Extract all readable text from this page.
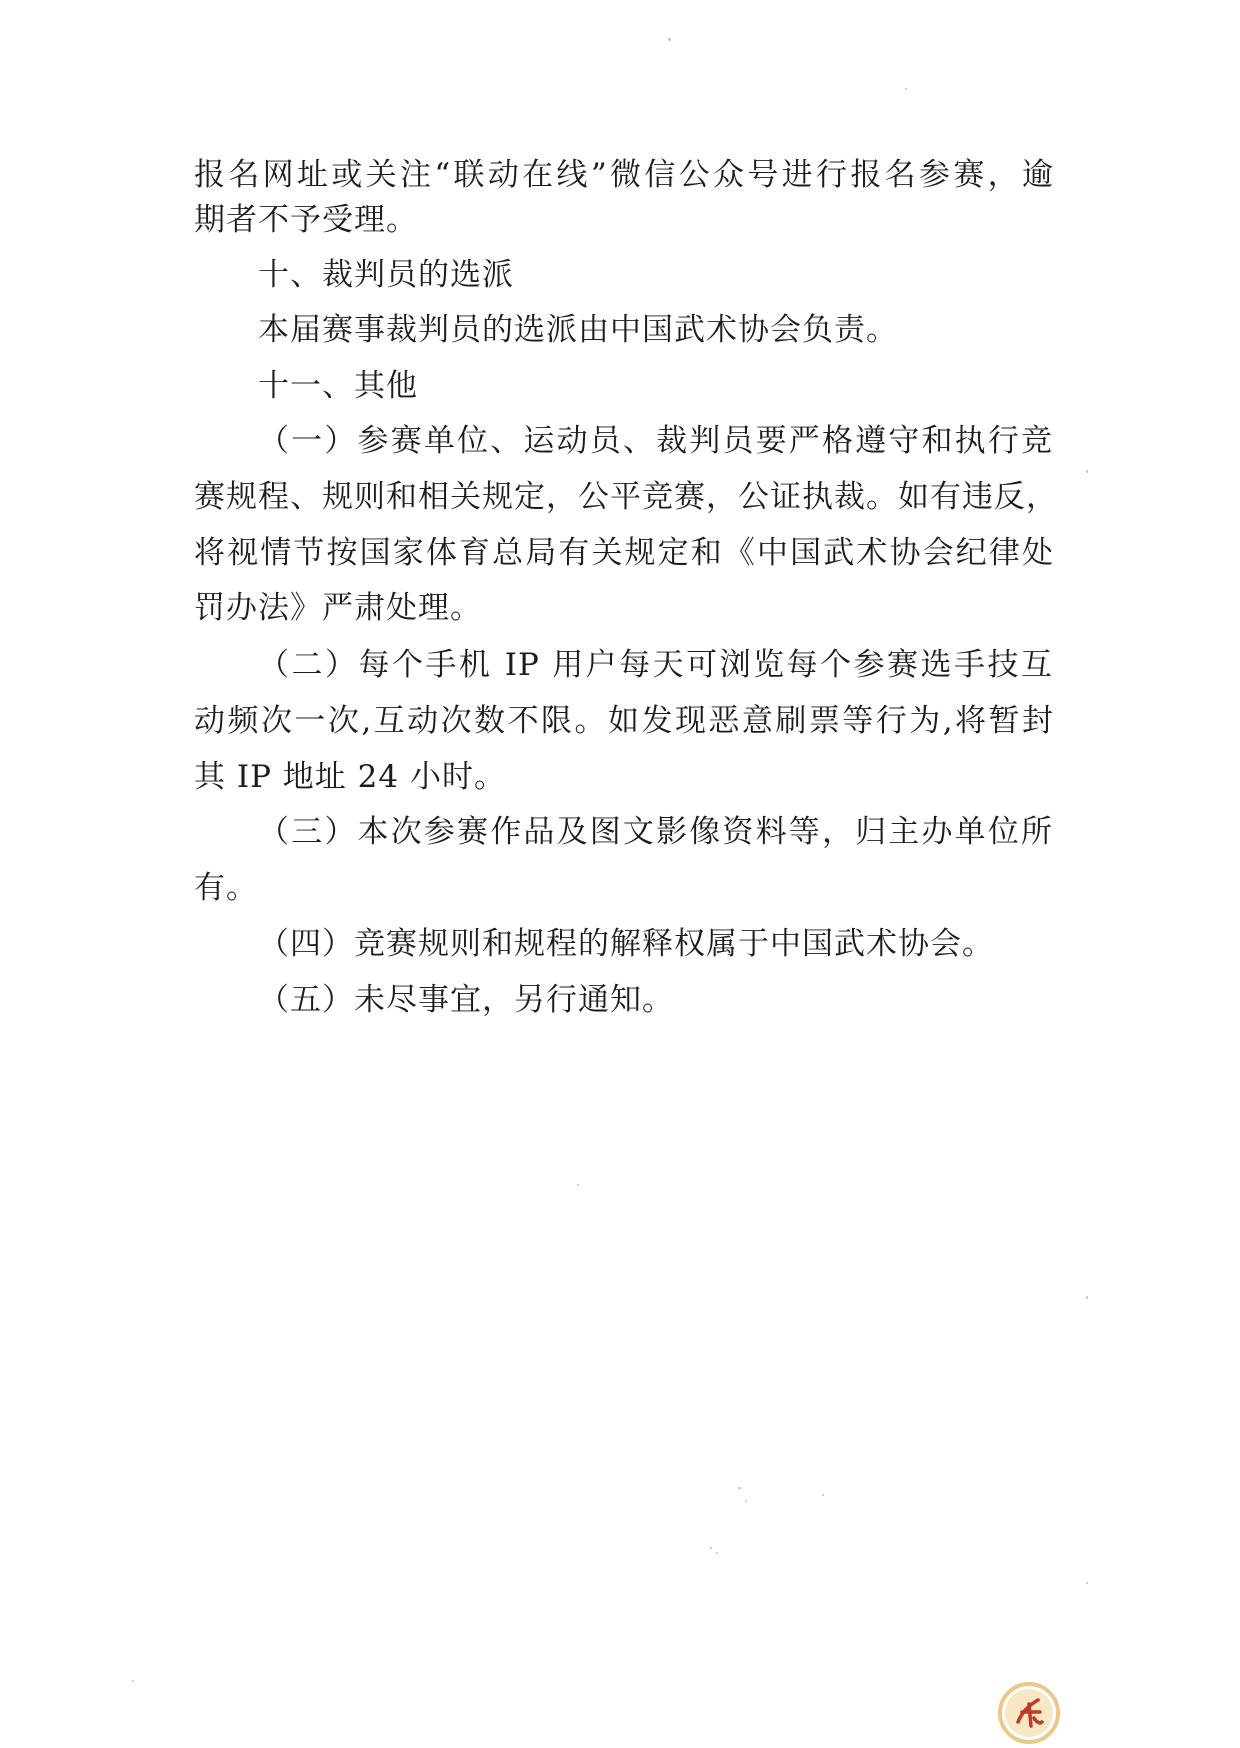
报名网址或关注“联动在线”微信公众号进行报名参赛，逾
期者不予受理。
十、裁判员的选派
本届赛事裁判员的选派由中国武术协会负责。
十一、其他
（一）参赛单位、运动员、裁判员要严格遵守和执行竞
赛规程、规则和相关规定，公平竞赛，公证执裁。如有违反，
将视情节按国家体育总局有关规定和《中国武术协会纪律处
罚办法》严肃处理。
（二）每个手机 IP 用户每天可浏览每个参赛选手技互
动频次一次,互动次数不限。如发现恶意刷票等行为,将暂封
其 IP 地址 24 小时。
（三）本次参赛作品及图文影像资料等，归主办单位所
有。
（四）竞赛规则和规程的解释权属于中国武术协会。
（五）未尽事宜，另行通知。
